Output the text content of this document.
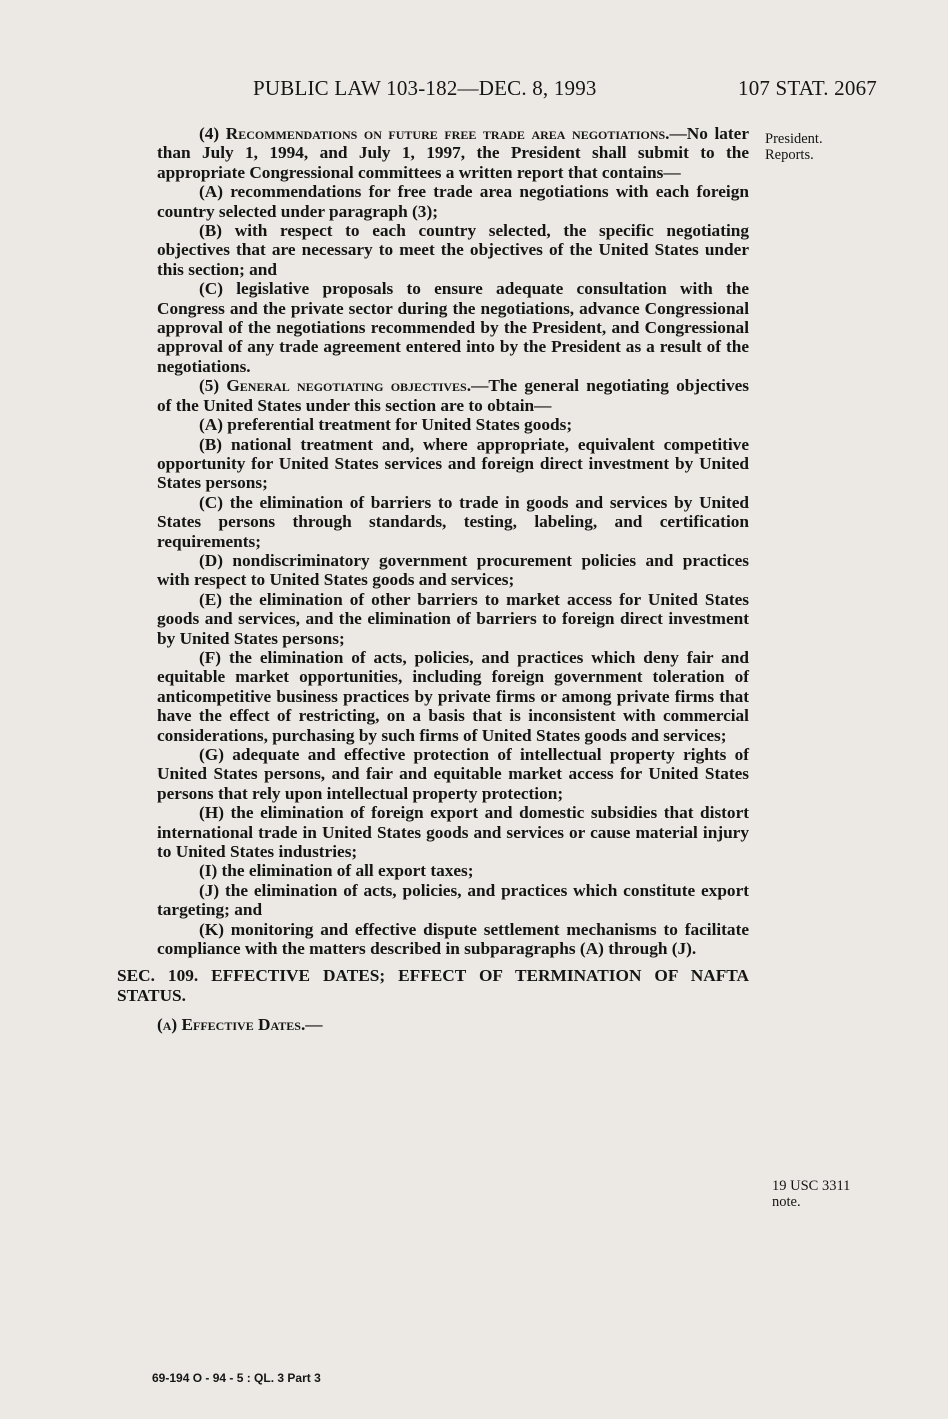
PUBLIC LAW 103-182—DEC. 8, 1993	107 STAT. 2067
President.
Reports.
19 USC 3311
note.

(4) Recommendations on future free trade area negotiations.—No later than July 1, 1994, and July 1, 1997, the President shall submit to the appropriate Congressional committees a written report that contains—

(A) recommendations for free trade area negotiations with each foreign country selected under paragraph (3);

(B) with respect to each country selected, the specific negotiating objectives that are necessary to meet the objectives of the United States under this section; and

(C) legislative proposals to ensure adequate consultation with the Congress and the private sector during the negotiations, advance Congressional approval of the negotiations recommended by the President, and Congressional approval of any trade agreement entered into by the President as a result of the negotiations.

(5) General negotiating objectives.—The general negotiating objectives of the United States under this section are to obtain—

(A) preferential treatment for United States goods;

(B) national treatment and, where appropriate, equivalent competitive opportunity for United States services and foreign direct investment by United States persons;

(C) the elimination of barriers to trade in goods and services by United States persons through standards, testing, labeling, and certification requirements;

(D) nondiscriminatory government procurement policies and practices with respect to United States goods and services;

(E) the elimination of other barriers to market access for United States goods and services, and the elimination of barriers to foreign direct investment by United States persons;

(F) the elimination of acts, policies, and practices which deny fair and equitable market opportunities, including foreign government toleration of anticompetitive business practices by private firms or among private firms that have the effect of restricting, on a basis that is inconsistent with commercial considerations, purchasing by such firms of United States goods and services;

(G) adequate and effective protection of intellectual property rights of United States persons, and fair and equitable market access for United States persons that rely upon intellectual property protection;

(H) the elimination of foreign export and domestic subsidies that distort international trade in United States goods and services or cause material injury to United States industries;

(I) the elimination of all export taxes;

(J) the elimination of acts, policies, and practices which constitute export targeting; and

(K) monitoring and effective dispute settlement mechanisms to facilitate compliance with the matters described in subparagraphs (A) through (J).

SEC. 109. EFFECTIVE DATES; EFFECT OF TERMINATION OF NAFTA STATUS.

(a) Effective Dates.—

69-194 O - 94 - 5 : QL. 3 Part 3
